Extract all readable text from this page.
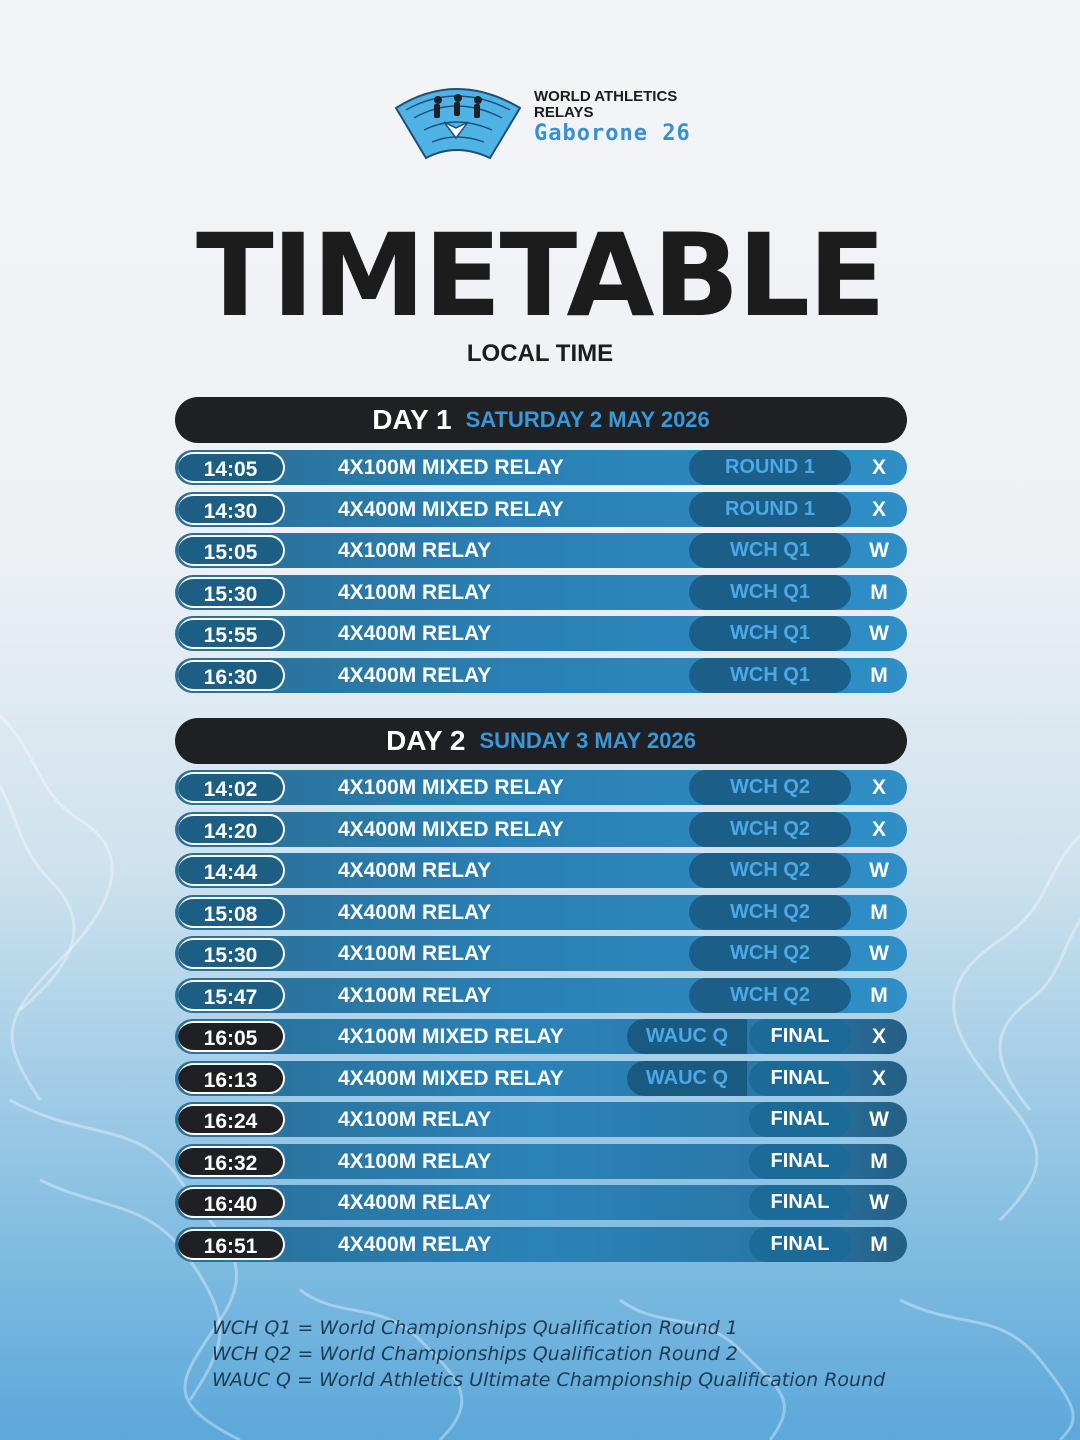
WORLD ATHLETICS
RELAYS
Gaborone 26
TIMETABLE
LOCAL TIME
DAY 1 SATURDAY 2 MAY 2026
14:05	4X100M MIXED RELAY	ROUND 1	X
14:30	4X400M MIXED RELAY	ROUND 1	X
15:05	4X100M RELAY	WCH Q1	W
15:30	4X100M RELAY	WCH Q1	M
15:55	4X400M RELAY	WCH Q1	W
16:30	4X400M RELAY	WCH Q1	M
DAY 2 SUNDAY 3 MAY 2026
14:02	4X100M MIXED RELAY	WCH Q2	X
14:20	4X400M MIXED RELAY	WCH Q2	X
14:44	4X400M RELAY	WCH Q2	W
15:08	4X400M RELAY	WCH Q2	M
15:30	4X100M RELAY	WCH Q2	W
15:47	4X100M RELAY	WCH Q2	M
16:05	4X100M MIXED RELAY	WAUC Q	FINAL	X
16:13	4X400M MIXED RELAY	WAUC Q	FINAL	X
16:24	4X100M RELAY	FINAL	W
16:32	4X100M RELAY	FINAL	M
16:40	4X400M RELAY	FINAL	W
16:51	4X400M RELAY	FINAL	M
WCH Q1 = World Championships Qualification Round 1
WCH Q2 = World Championships Qualification Round 2
WAUC Q = World Athletics Ultimate Championship Qualification Round
